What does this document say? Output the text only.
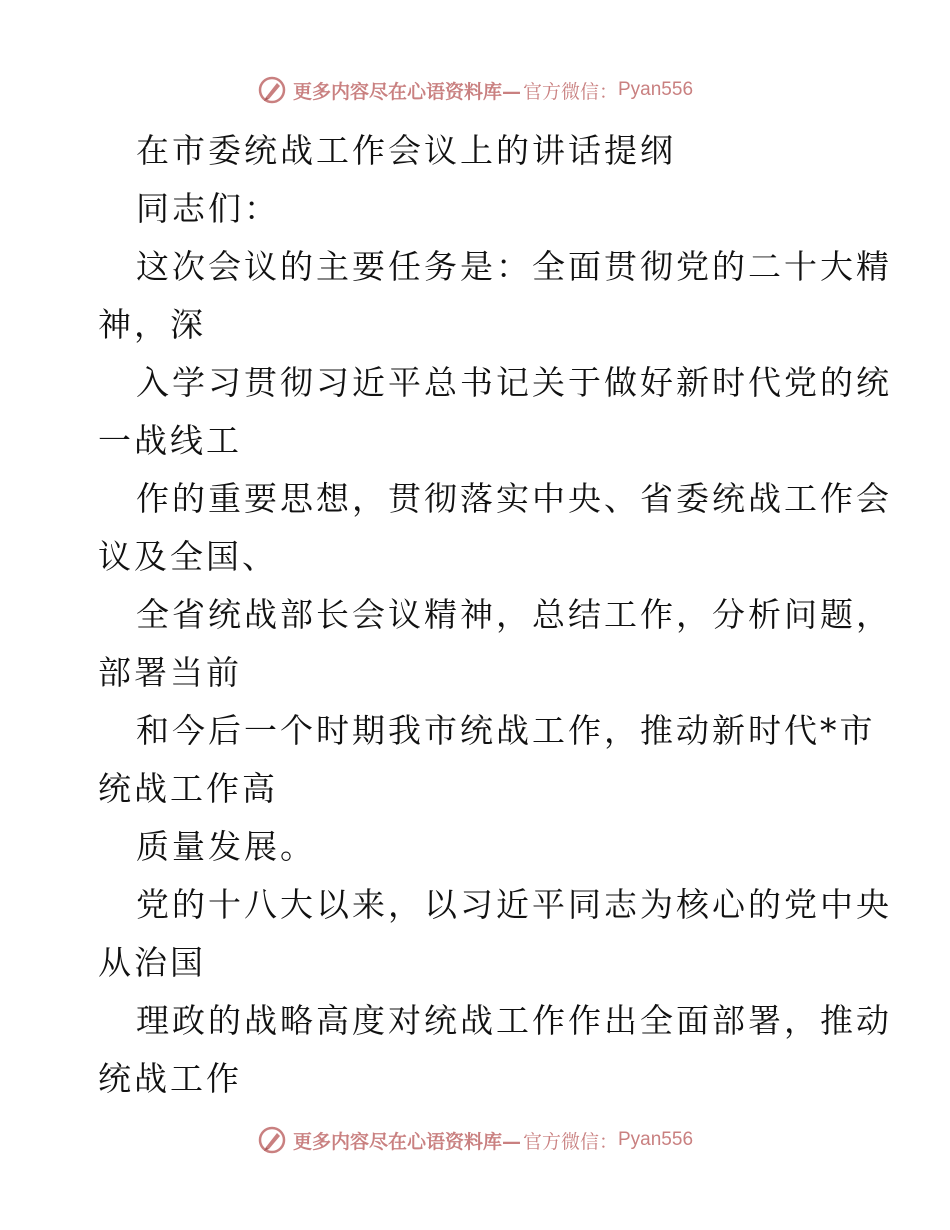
更多内容尽在心语资料库— 官方微信： Pyan556
在市委统战工作会议上的讲话提纲
同志们：
这次会议的主要任务是：全面贯彻党的二十大精
神，深
入学习贯彻习近平总书记关于做好新时代党的统
一战线工
作的重要思想，贯彻落实中央、省委统战工作会
议及全国、
全省统战部长会议精神，总结工作，分析问题，
部署当前
和今后一个时期我市统战工作，推动新时代*市
统战工作高
质量发展。
党的十八大以来，以习近平同志为核心的党中央
从治国
理政的战略高度对统战工作作出全面部署，推动
统战工作
更多内容尽在心语资料库— 官方微信： Pyan556
